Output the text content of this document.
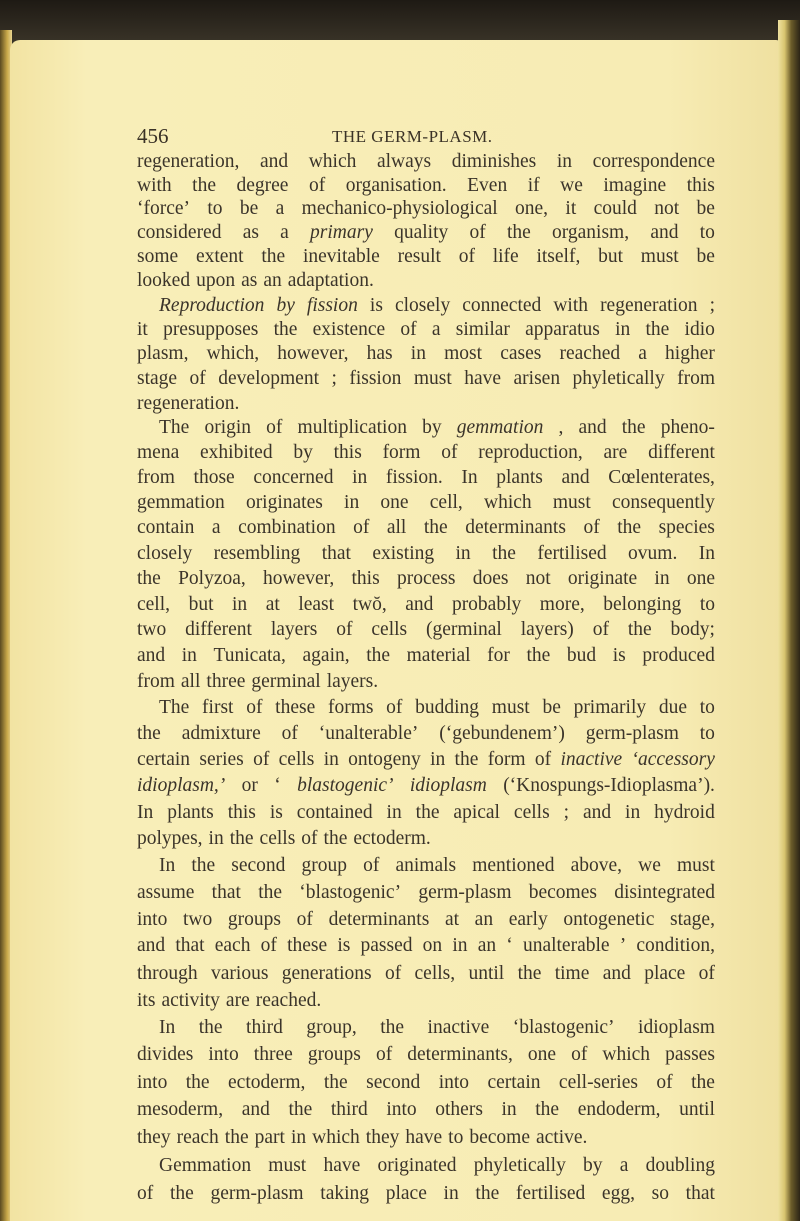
456	THE GERM-PLASM.
regeneration, and which always diminishes in correspondence
with the degree of organisation. Even if we imagine this
‘force’ to be a mechanico-physiological one, it could not be
considered as a primary quality of the organism, and to
some extent the inevitable result of life itself, but must be
looked upon as an adaptation.
Reproduction by fission is closely connected with regeneration ;
it presupposes the existence of a similar apparatus in the idio
plasm, which, however, has in most cases reached a higher
stage of development ; fission must have arisen phyletically from
regeneration.
The origin of multiplication by gemmation , and the pheno-
mena exhibited by this form of reproduction, are different
from those concerned in fission. In plants and Cœlenterates,
gemmation originates in one cell, which must consequently
contain a combination of all the determinants of the species
closely resembling that existing in the fertilised ovum. In
the Polyzoa, however, this process does not originate in one
cell, but in at least twŏ, and probably more, belonging to
two different layers of cells (germinal layers) of the body;
and in Tunicata, again, the material for the bud is produced
from all three germinal layers.
The first of these forms of budding must be primarily due to
the admixture of ‘unalterable’ (‘gebundenem’) germ-plasm to
certain series of cells in ontogeny in the form of inactive ‘accessory
idioplasm,’ or ‘ blastogenic’ idioplasm (‘Knospungs-Idioplasma’).
In plants this is contained in the apical cells ; and in hydroid
polypes, in the cells of the ectoderm.
In the second group of animals mentioned above, we must
assume that the ‘blastogenic’ germ-plasm becomes disintegrated
into two groups of determinants at an early ontogenetic stage,
and that each of these is passed on in an ‘ unalterable ’ condition,
through various generations of cells, until the time and place of
its activity are reached.
In the third group, the inactive ‘blastogenic’ idioplasm
divides into three groups of determinants, one of which passes
into the ectoderm, the second into certain cell-series of the
mesoderm, and the third into others in the endoderm, until
they reach the part in which they have to become active.
Gemmation must have originated phyletically by a doubling
of the germ-plasm taking place in the fertilised egg, so that
